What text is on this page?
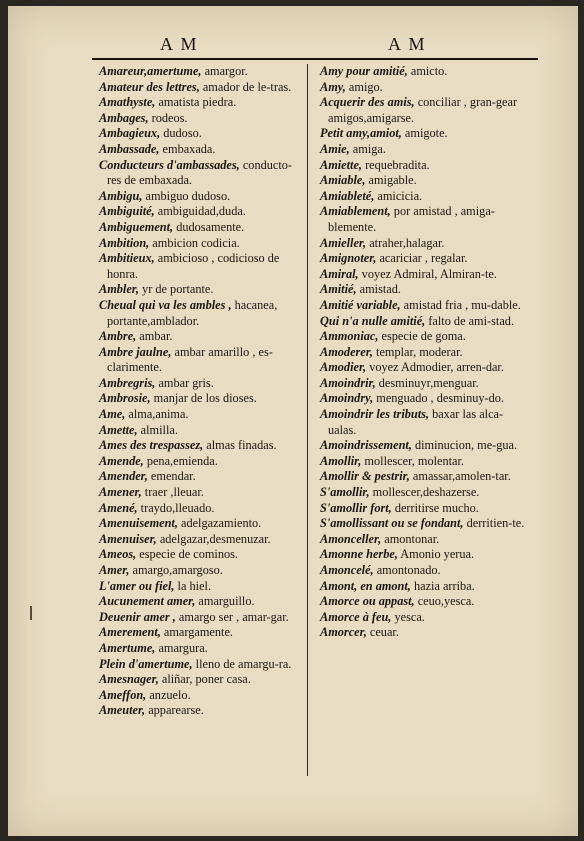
A M	A M
Amareur,amertume, amargor.
Amateur des lettres, amador de le-tras.
Amathyste, amatista piedra.
Ambages, rodeos.
Ambagieux, dudoso.
Ambassade, embaxada.
Conducteurs d'ambassades, conducto-res de embaxada.
Ambigu, ambiguo dudoso.
Ambiguité, ambiguidad,duda.
Ambiguement, dudosamente.
Ambition, ambicion codicia.
Ambitieux, ambicioso , codicioso de honra.
Ambler, yr de portante.
Cheual qui va les ambles , hacanea, portante,amblador.
Ambre, ambar.
Ambre jaulne, ambar amarillo , es-clarimente.
Ambregris, ambar gris.
Ambrosie, manjar de los dioses.
Ame, alma,anima.
Amette, almilla.
Ames des trespassez, almas finadas.
Amende, pena,emienda.
Amender, emendar.
Amener, traer ,lleuar.
Amené, traydo,lleuado.
Amenuisement, adelgazamiento.
Amenuiser, adelgazar,desmenuzar.
Ameos, especie de cominos.
Amer, amargo,amargoso.
L'amer ou fiel, la hiel.
Aucunement amer, amarguillo.
Deuenir amer , amargo ser , amar-gar.
Amerement, amargamente.
Amertume, amargura.
Plein d'amertume, lleno de amargu-ra.
Amesnager, aliñar, poner casa.
Ameffon, anzuelo.
Ameuter, apparearse.
Amy pour amitié, amicto.
Amy, amigo.
Acquerir des amis, conciliar , gran-gear amigos,amigarse.
Petit amy,amiot, amigote.
Amie, amiga.
Amiette, requebradita.
Amiable, amigable.
Amiableté, amicicia.
Amiablement, por amistad , amiga-blemente.
Amieller, atraher,halagar.
Amignoter, acariciar , regalar.
Amiral, voyez Admiral, Almiran-te.
Amitié, amistad.
Amitié variable, amistad fria , mu-dable.
Qui n'a nulle amitié, falto de ami-stad.
Ammoniac, especie de goma.
Amoderer, templar, moderar.
Amodier, voyez Admodier, arren-dar.
Amoindrir, desminuyr,menguar.
Amoindry, menguado , desminuy-do.
Amoindrir les tributs, baxar las alca-ualas.
Amoindrissement, diminucion, me-gua.
Amollir, mollescer, molentar.
Amollir & pestrir, amassar,amolen-tar.
S'amollir, mollescer,deshazerse.
S'amollir fort, derritirse mucho.
S'amollissant ou se fondant, derritien-te.
Amonceller, amontonar.
Amonne herbe, Amonio yerua.
Amoncelé, amontonado.
Amont, en amont, hazia arriba.
Amorce ou appast, ceuo,yesca.
Amorce à feu, yesca.
Amorcer, ceuar.
